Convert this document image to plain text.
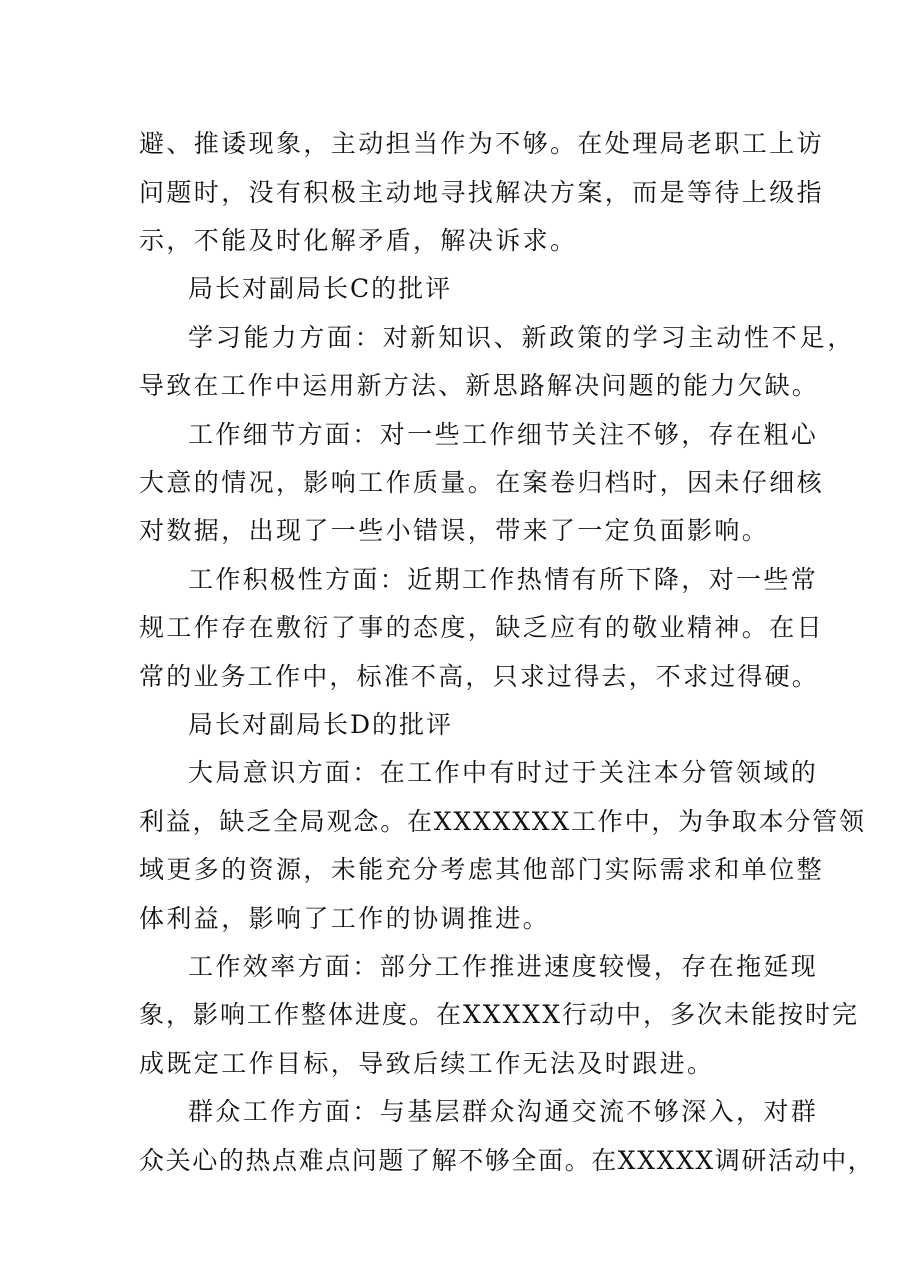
避、推诿现象，主动担当作为不够。在处理局老职工上访

问题时，没有积极主动地寻找解决方案，而是等待上级指

示，不能及时化解矛盾，解决诉求。

局长对副局长C的批评

学习能力方面：对新知识、新政策的学习主动性不足，

导致在工作中运用新方法、新思路解决问题的能力欠缺。

工作细节方面：对一些工作细节关注不够，存在粗心

大意的情况，影响工作质量。在案卷归档时，因未仔细核

对数据，出现了一些小错误，带来了一定负面影响。

工作积极性方面：近期工作热情有所下降，对一些常

规工作存在敷衍了事的态度，缺乏应有的敬业精神。在日

常的业务工作中，标准不高，只求过得去，不求过得硬。

局长对副局长D的批评

大局意识方面：在工作中有时过于关注本分管领域的

利益，缺乏全局观念。在XXXXXXX工作中，为争取本分管领

域更多的资源，未能充分考虑其他部门实际需求和单位整

体利益，影响了工作的协调推进。

工作效率方面：部分工作推进速度较慢，存在拖延现

象，影响工作整体进度。在XXXXX行动中，多次未能按时完

成既定工作目标，导致后续工作无法及时跟进。

群众工作方面：与基层群众沟通交流不够深入，对群

众关心的热点难点问题了解不够全面。在XXXXX调研活动中，
